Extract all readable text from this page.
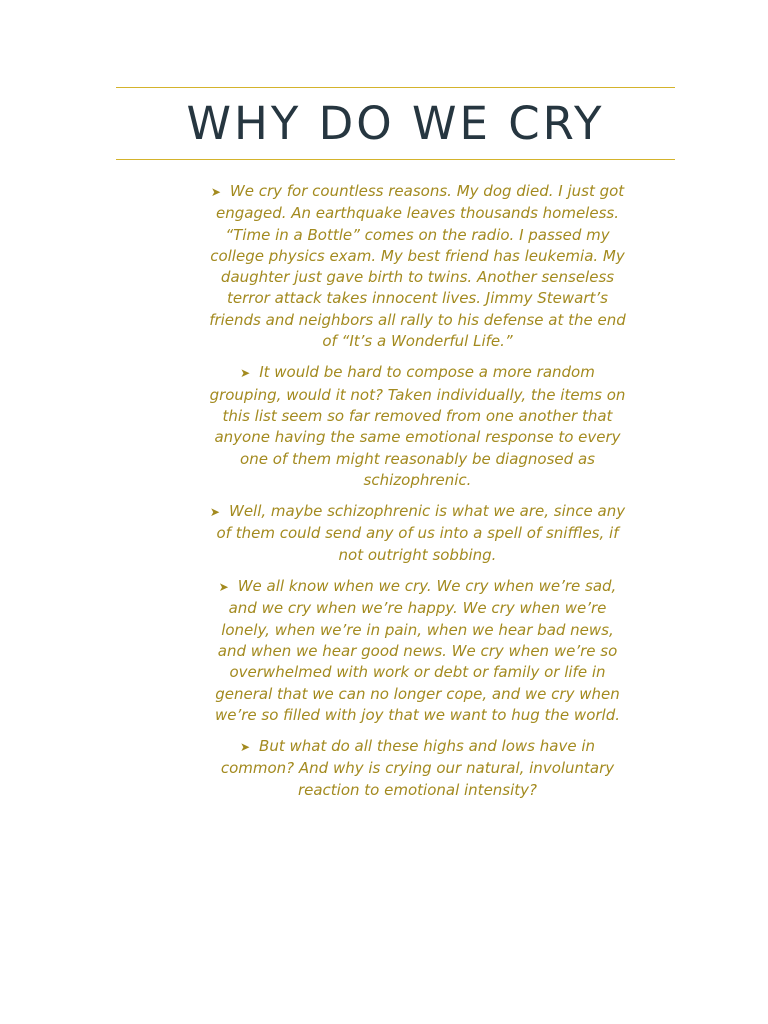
WHY DO WE CRY
➤ We cry for countless reasons. My dog died. I just got engaged. An earthquake leaves thousands homeless. “Time in a Bottle” comes on the radio. I passed my college physics exam. My best friend has leukemia. My daughter just gave birth to twins. Another senseless terror attack takes innocent lives. Jimmy Stewart’s friends and neighbors all rally to his defense at the end of “It’s a Wonderful Life.”
➤ It would be hard to compose a more random grouping, would it not? Taken individually, the items on this list seem so far removed from one another that anyone having the same emotional response to every one of them might reasonably be diagnosed as schizophrenic.
➤ Well, maybe schizophrenic is what we are, since any of them could send any of us into a spell of sniffles, if not outright sobbing.
➤ We all know when we cry. We cry when we’re sad, and we cry when we’re happy. We cry when we’re lonely, when we’re in pain, when we hear bad news, and when we hear good news. We cry when we’re so overwhelmed with work or debt or family or life in general that we can no longer cope, and we cry when we’re so filled with joy that we want to hug the world.
➤ But what do all these highs and lows have in common? And why is crying our natural, involuntary reaction to emotional intensity?
